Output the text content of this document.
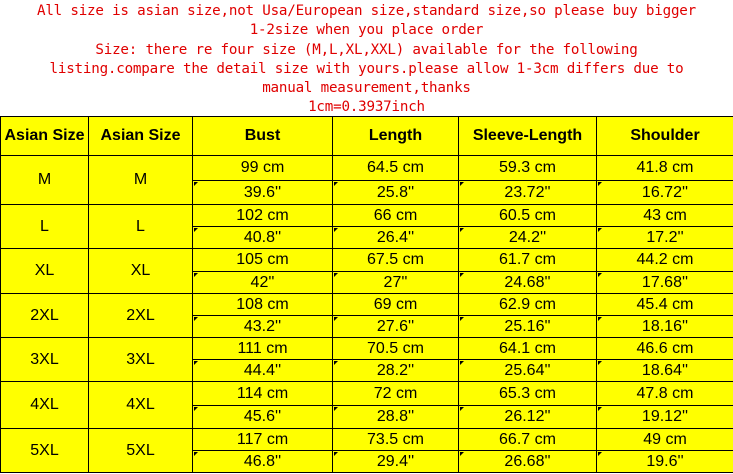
All size is asian size,not Usa/European size,standard size,so please buy bigger
1-2size when you place order
Size: there re four size (M,L,XL,XXL) available for the following
listing.compare the detail size with yours.please allow 1-3cm differs due to
manual measurement,thanks
1cm=0.3937inch
Asian Size	Asian Size	Bust	Length	Sleeve-Length	Shoulder
M	M	99 cm	64.5 cm	59.3 cm	41.8 cm
		39.6''	25.8''	23.72''	16.72''
L	L	102 cm	66 cm	60.5 cm	43 cm
		40.8''	26.4''	24.2''	17.2''
XL	XL	105 cm	67.5 cm	61.7 cm	44.2 cm
		42''	27''	24.68''	17.68''
2XL	2XL	108 cm	69 cm	62.9 cm	45.4 cm
		43.2''	27.6''	25.16''	18.16''
3XL	3XL	111 cm	70.5 cm	64.1 cm	46.6 cm
		44.4''	28.2''	25.64''	18.64''
4XL	4XL	114 cm	72 cm	65.3 cm	47.8 cm
		45.6''	28.8''	26.12''	19.12''
5XL	5XL	117 cm	73.5 cm	66.7 cm	49 cm
		46.8''	29.4''	26.68''	19.6''
